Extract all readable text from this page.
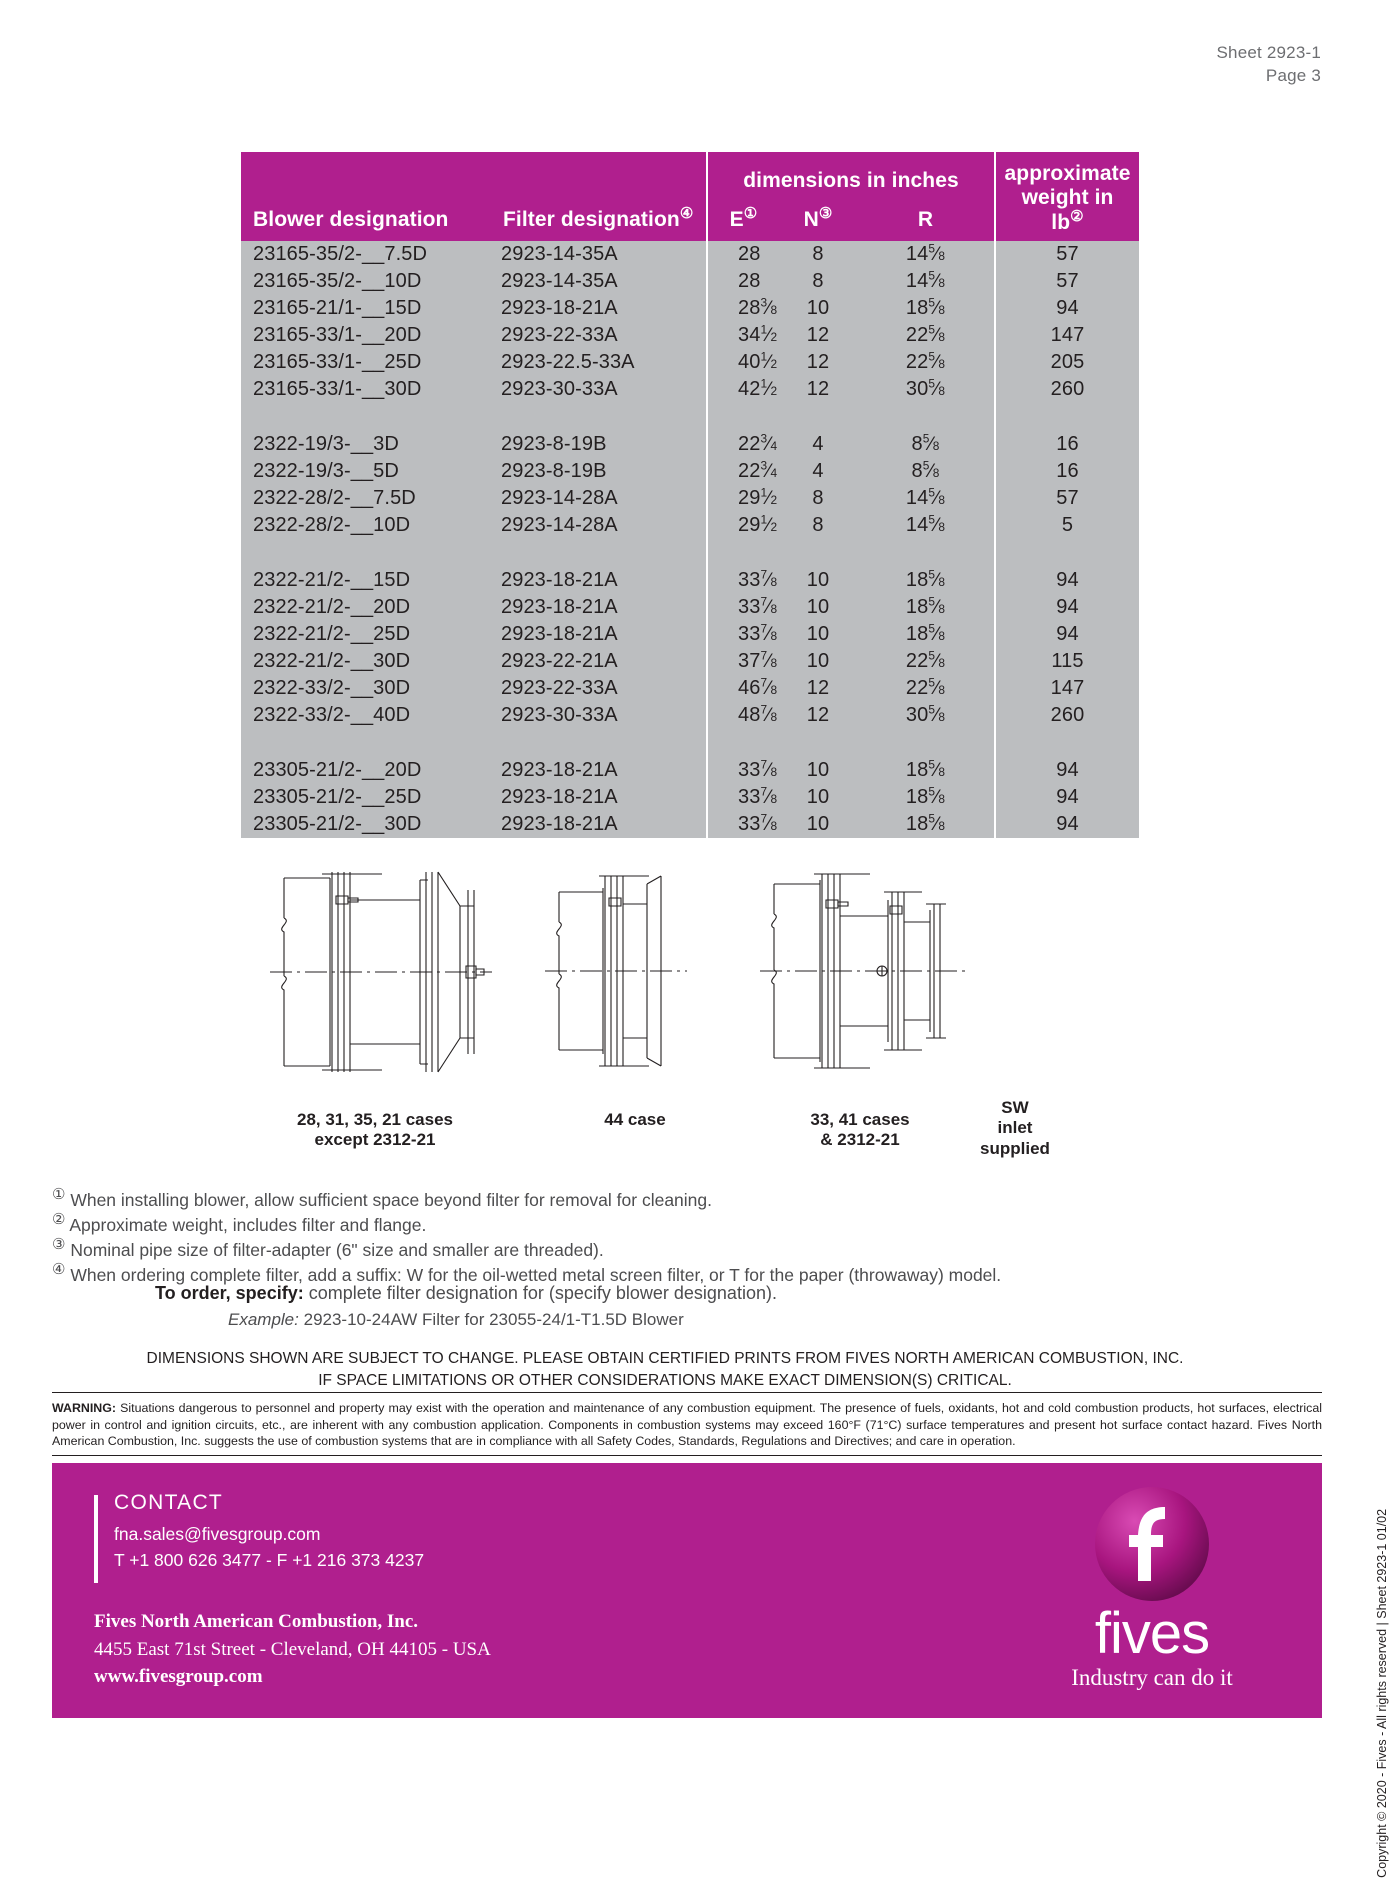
Sheet 2923-1
Page 3
		dimensions in inches			approximate
weight in
lb②
Blower designation	Filter designation④	E①	N③	R	
23165-35/2-__7.5D	2923-14-35A	28	8	$14^5⁄8$	57
23165-35/2-__10D	2923-14-35A	28	8	$14^5⁄8$	57
23165-21/1-__15D	2923-18-21A	$28^3⁄8$	10	$18^5⁄8$	94
23165-33/1-__20D	2923-22-33A	$34^1⁄2$	12	$22^5⁄8$	147
23165-33/1-__25D	2923-22.5-33A	$40^1⁄2$	12	$22^5⁄8$	205
23165-33/1-__30D	2923-30-33A	$42^1⁄2$	12	$30^5⁄8$	260

2322-19/3-__3D	2923-8-19B	$22^3⁄4$	4	$8^5⁄8$	16
2322-19/3-__5D	2923-8-19B	$22^3⁄4$	4	$8^5⁄8$	16
2322-28/2-__7.5D	2923-14-28A	$29^1⁄2$	8	$14^5⁄8$	57
2322-28/2-__10D	2923-14-28A	$29^1⁄2$	8	$14^5⁄8$	5

2322-21/2-__15D	2923-18-21A	$33^7⁄8$	10	$18^5⁄8$	94
2322-21/2-__20D	2923-18-21A	$33^7⁄8$	10	$18^5⁄8$	94
2322-21/2-__25D	2923-18-21A	$33^7⁄8$	10	$18^5⁄8$	94
2322-21/2-__30D	2923-22-21A	$37^7⁄8$	10	$22^5⁄8$	115
2322-33/2-__30D	2923-22-33A	$46^7⁄8$	12	$22^5⁄8$	147
2322-33/2-__40D	2923-30-33A	$48^7⁄8$	12	$30^5⁄8$	260

23305-21/2-__20D	2923-18-21A	$33^7⁄8$	10	$18^5⁄8$	94
23305-21/2-__25D	2923-18-21A	$33^7⁄8$	10	$18^5⁄8$	94
23305-21/2-__30D	2923-18-21A	$33^7⁄8$	10	$18^5⁄8$	94
28, 31, 35, 21 cases
except 2312-21
44 case	33, 41 cases
& 2312-21
SW
inlet
supplied
① When installing blower, allow sufficient space beyond filter for removal for cleaning.
② Approximate weight, includes filter and flange.
③ Nominal pipe size of filter-adapter (6" size and smaller are threaded).
④ When ordering complete filter, add a suffix: W for the oil-wetted metal screen filter, or T for the paper (throwaway) model.
To order, specify: complete filter designation for (specify blower designation).
Example: 2923-10-24AW Filter for 23055-24/1-T1.5D Blower
DIMENSIONS SHOWN ARE SUBJECT TO CHANGE. PLEASE OBTAIN CERTIFIED PRINTS FROM FIVES NORTH AMERICAN COMBUSTION, INC.
IF SPACE LIMITATIONS OR OTHER CONSIDERATIONS MAKE EXACT DIMENSION(S) CRITICAL.
WARNING: Situations dangerous to personnel and property may exist with the operation and maintenance of any combustion equipment. The presence of fuels, oxidants, hot and cold combustion products, hot surfaces, electrical power in control and ignition circuits, etc., are inherent with any combustion application. Components in combustion systems may exceed 160°F (71°C) surface temperatures and present hot surface contact hazard. Fives North American Combustion, Inc. suggests the use of combustion systems that are in compliance with all Safety Codes, Standards, Regulations and Directives; and care in operation.
CONTACT
fna.sales@fivesgroup.com
T +1 800 626 3477 - F +1 216 373 4237
Fives North American Combustion, Inc.
4455 East 71st Street - Cleveland, OH 44105 - USA
www.fivesgroup.com
fives
Industry can do it	Copyright © 2020 - Fives - All rights reserved | Sheet 2923-1 01/02
